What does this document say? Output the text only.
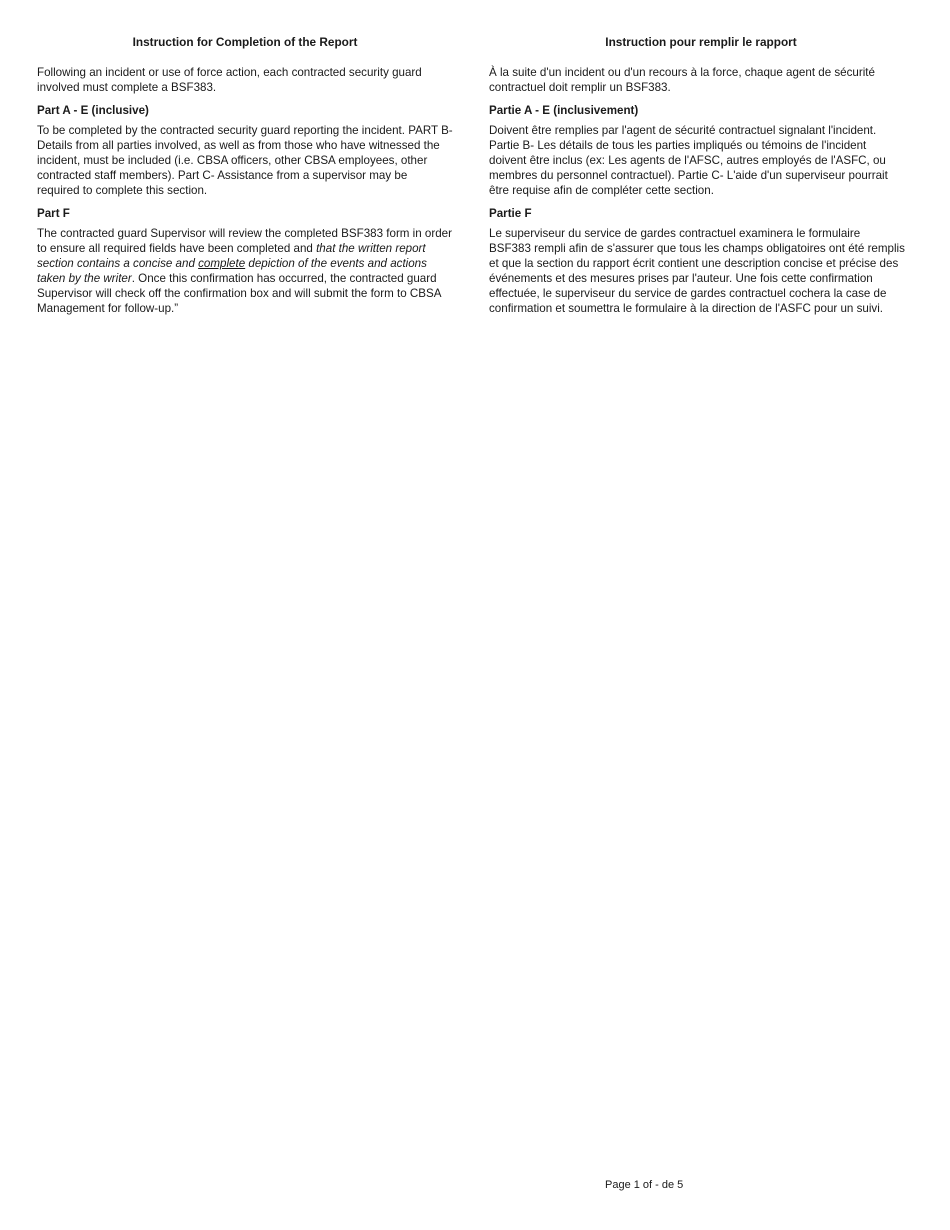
Instruction for Completion of the Report

Following an incident or use of force action, each contracted security guard involved must complete a BSF383.

Part A - E (inclusive)

To be completed by the contracted security guard reporting the incident. PART B- Details from all parties involved, as well as from those who have witnessed the incident, must be included (i.e. CBSA officers, other CBSA employees, other contracted staff members). Part C- Assistance from a supervisor may be required to complete this section.

Part F

The contracted guard Supervisor will review the completed BSF383 form in order to ensure all required fields have been completed and that the written report section contains a concise and complete depiction of the events and actions taken by the writer. Once this confirmation has occurred, the contracted guard Supervisor will check off the confirmation box and will submit the form to CBSA Management for follow-up.”

Instruction pour remplir le rapport

À la suite d'un incident ou d'un recours à la force, chaque agent de sécurité contractuel doit remplir un BSF383.

Partie A - E (inclusivement)

Doivent être remplies par l'agent de sécurité contractuel signalant l'incident. Partie B- Les détails de tous les parties impliqués ou témoins de l'incident doivent être inclus (ex: Les agents de l'AFSC, autres employés de l'ASFC, ou membres du personnel contractuel). Partie C- L'aide d'un superviseur pourrait être requise afin de compléter cette section.

Partie F

Le superviseur du service de gardes contractuel examinera le formulaire BSF383 rempli afin de s'assurer que tous les champs obligatoires ont été remplis et que la section du rapport écrit contient une description concise et précise des événements et des mesures prises par l'auteur. Une fois cette confirmation effectuée, le superviseur du service de gardes contractuel cochera la case de confirmation et soumettra le formulaire à la direction de l'ASFC pour un suivi.

Page 1 of - de 5
